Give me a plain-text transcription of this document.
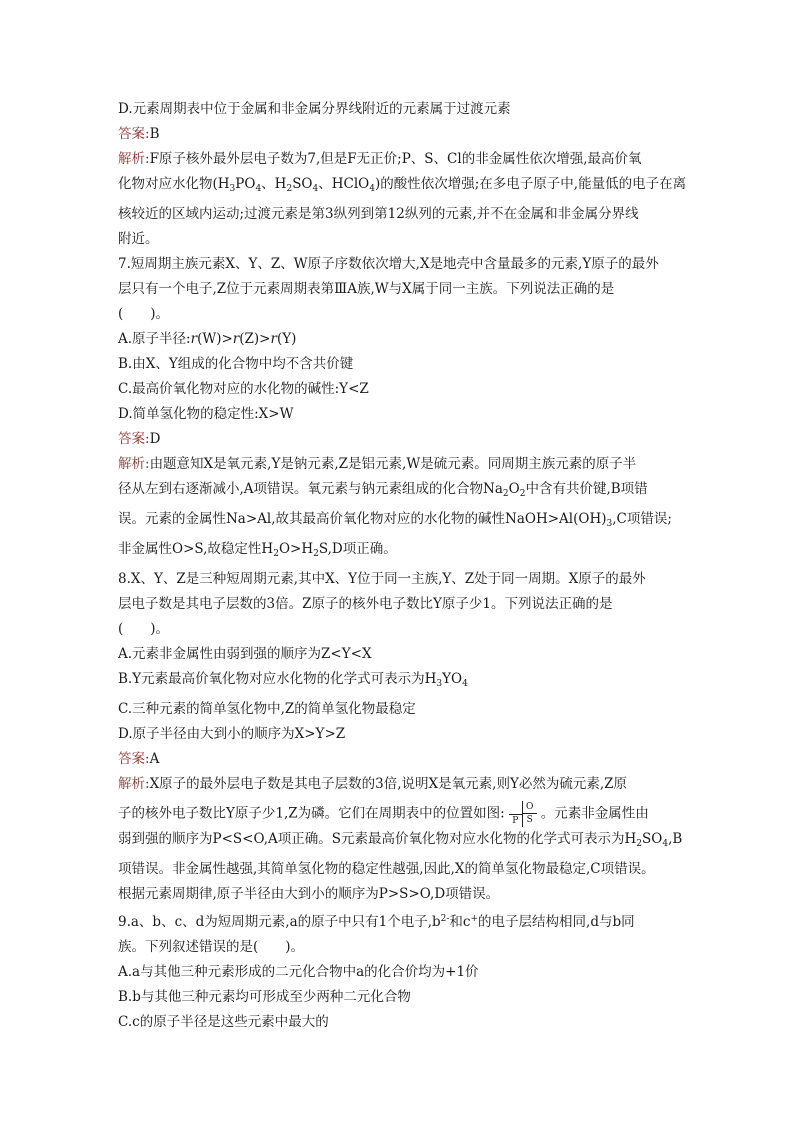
D.元素周期表中位于金属和非金属分界线附近的元素属于过渡元素
答案:B
解析:F原子核外最外层电子数为7,但是F无正价;P、S、Cl的非金属性依次增强,最高价氧
化物对应水化物($H_3PO_4$、$H_2SO_4$、HClO$_4$)的酸性依次增强;在多电子原子中,能量低的电子在离
核较近的区域内运动;过渡元素是第3纵列到第12纵列的元素,并不在金属和非金属分界线
附近。
7.短周期主族元素X、Y、Z、W原子序数依次增大,X是地壳中含量最多的元素,Y原子的最外
层只有一个电子,Z位于元素周期表第ⅢA族,W与X属于同一主族。下列说法正确的是
(　　)。
A.原子半径:r(W)>r(Z)>r(Y)
B.由X、Y组成的化合物中均不含共价键
C.最高价氧化物对应的水化物的碱性:Y<Z
D.简单氢化物的稳定性:X>W
答案:D
解析:由题意知X是氧元素,Y是钠元素,Z是铝元素,W是硫元素。同周期主族元素的原子半
径从左到右逐渐减小,A项错误。氧元素与钠元素组成的化合物$Na_2O_2$中含有共价键,B项错
误。元素的金属性Na>Al,故其最高价氧化物对应的水化物的碱性$NaOH>Al(OH)_3,C$项错误;
非金属性O>S,故稳定性$H_2O>H_2S,D$项正确。
8.X、Y、Z是三种短周期元素,其中X、Y位于同一主族,Y、Z处于同一周期。X原子的最外
层电子数是其电子层数的3倍。Z原子的核外电子数比Y原子少1。下列说法正确的是
(　　)。
A.元素非金属性由弱到强的顺序为Z<Y<X
B.Y元素最高价氧化物对应水化物的化学式可表示为$H_3YO_4$
C.三种元素的简单氢化物中,Z的简单氢化物最稳定
D.原子半径由大到小的顺序为X>Y>Z
答案:A
解析:X原子的最外层电子数是其电子层数的3倍,说明X是氧元素,则Y必然为硫元素,Z原
子的核外电子数比Y原子少1,Z为磷。它们在周期表中的位置如图:	O
P S 。元素非金属性由
弱到强的顺序为P<S<O,A项正确。S元素最高价氧化物对应水化物的化学式可表示为$H_2SO_4,B$
项错误。非金属性越强,其简单氢化物的稳定性越强,因此,X的简单氢化物最稳定,C项错误。
根据元素周期律,原子半径由大到小的顺序为P>S>O,D项错误。
9.a、b、c、d为短周期元素,a的原子中只有1个电子$,b^{2-}$和c+的电子层结构相同,d与b同
族。下列叙述错误的是(　　)。
A.a与其他三种元素形成的二元化合物中a的化合价均为+1价
B.b与其他三种元素均可形成至少两种二元化合物
C.c的原子半径是这些元素中最大的
